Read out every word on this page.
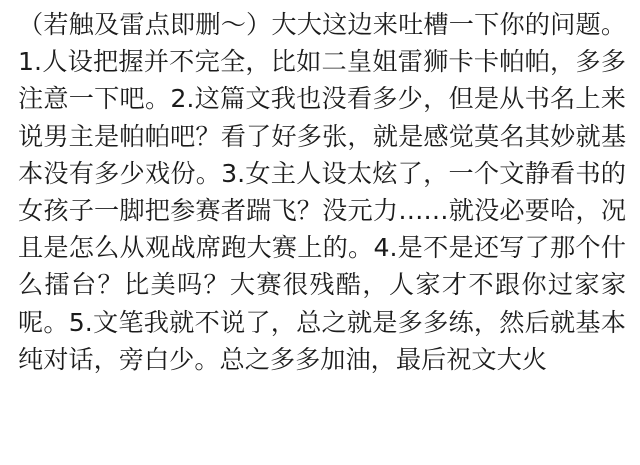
（若触及雷点即删～）大大这边来吐槽一下你的问题。1.人设把握并不完全，比如二皇姐雷狮卡卡帕帕，多多注意一下吧。2.这篇文我也没看多少，但是从书名上来说男主是帕帕吧？看了好多张，就是感觉莫名其妙就基本没有多少戏份。3.女主人设太炫了，一个文静看书的女孩子一脚把参赛者踹飞？没元力……就没必要哈，况且是怎么从观战席跑大赛上的。4.是不是还写了那个什么擂台？比美吗？大赛很残酷，人家才不跟你过家家呢。5.文笔我就不说了，总之就是多多练，然后就基本纯对话，旁白少。总之多多加油，最后祝文大火
